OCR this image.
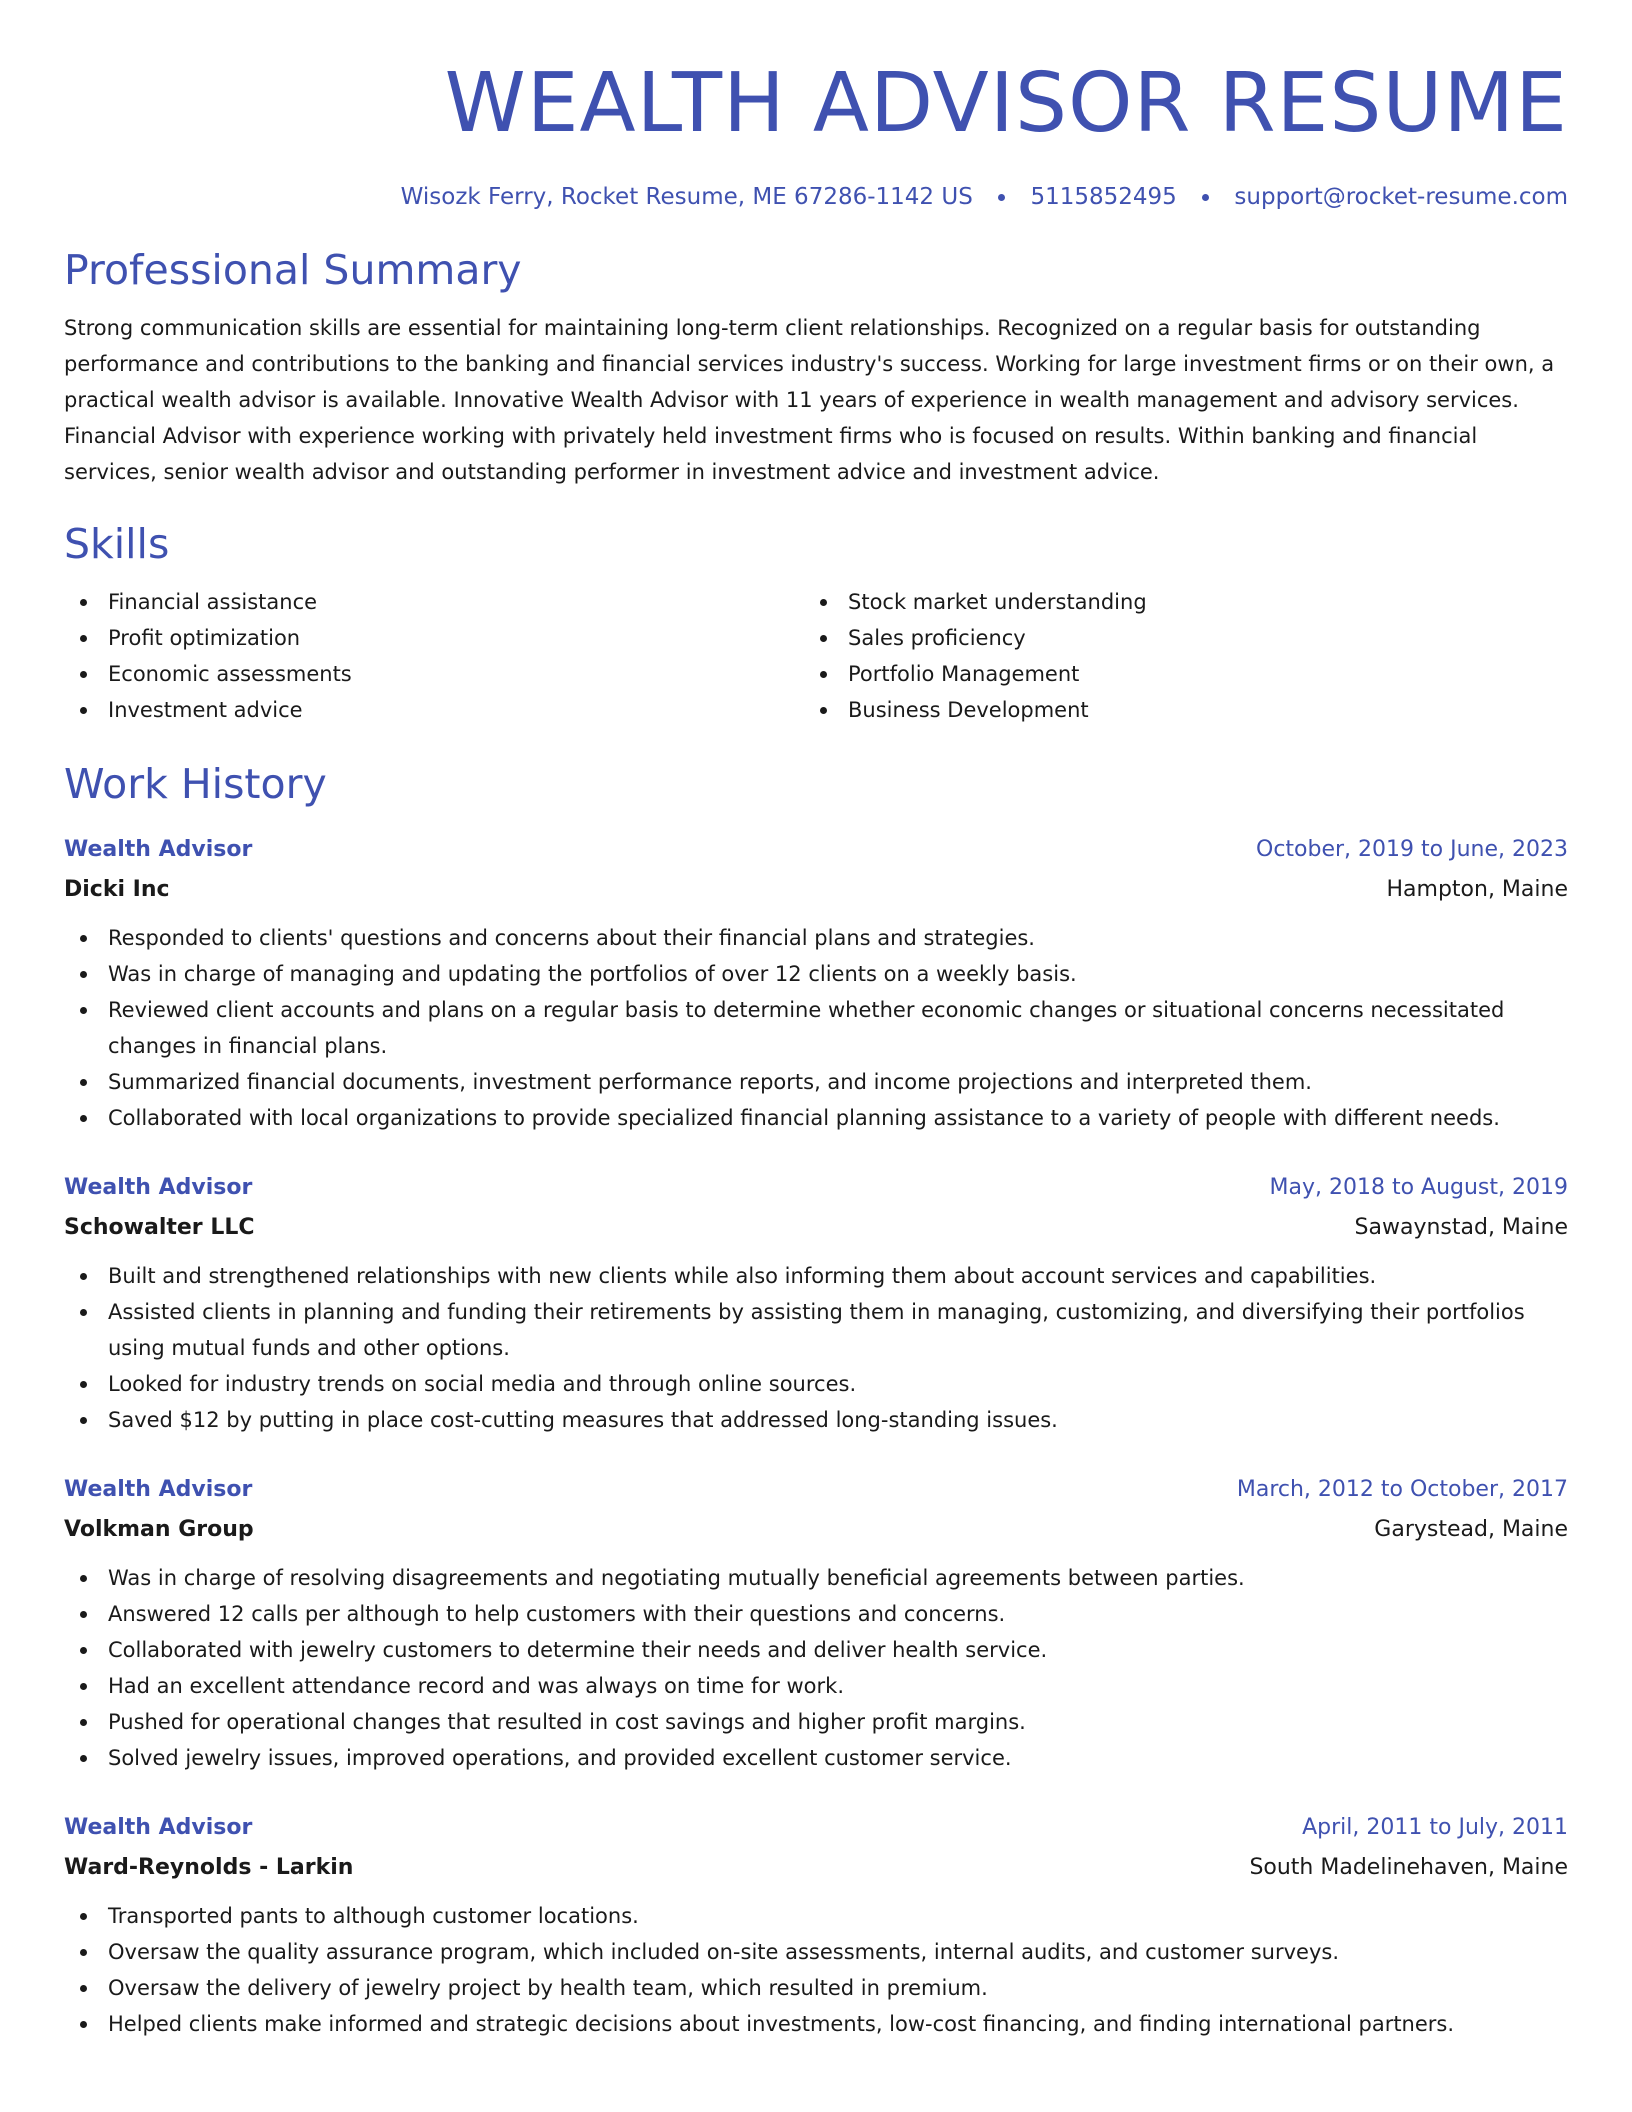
WEALTH ADVISOR RESUME
Wisozk Ferry, Rocket Resume, ME 67286-1142 US	5115852495	support@rocket-resume.com
Professional Summary
Strong communication skills are essential for maintaining long-term client relationships. Recognized on a regular basis for outstanding performance and contributions to the banking and financial services industry's success. Working for large investment firms or on their own, a practical wealth advisor is available. Innovative Wealth Advisor with 11 years of experience in wealth management and advisory services. Financial Advisor with experience working with privately held investment firms who is focused on results. Within banking and financial services, senior wealth advisor and outstanding performer in investment advice and investment advice.
Skills
Financial assistance
Profit optimization
Economic assessments
Investment advice
Stock market understanding
Sales proficiency
Portfolio Management
Business Development
Work History
Wealth Advisor	October, 2019 to June, 2023
Dicki Inc	Hampton, Maine
Responded to clients' questions and concerns about their financial plans and strategies.
Was in charge of managing and updating the portfolios of over 12 clients on a weekly basis.
Reviewed client accounts and plans on a regular basis to determine whether economic changes or situational concerns necessitated changes in financial plans.
Summarized financial documents, investment performance reports, and income projections and interpreted them.
Collaborated with local organizations to provide specialized financial planning assistance to a variety of people with different needs.
Wealth Advisor	May, 2018 to August, 2019
Schowalter LLC	Sawaynstad, Maine
Built and strengthened relationships with new clients while also informing them about account services and capabilities.
Assisted clients in planning and funding their retirements by assisting them in managing, customizing, and diversifying their portfolios using mutual funds and other options.
Looked for industry trends on social media and through online sources.
Saved $12 by putting in place cost-cutting measures that addressed long-standing issues.
Wealth Advisor	March, 2012 to October, 2017
Volkman Group	Garystead, Maine
Was in charge of resolving disagreements and negotiating mutually beneficial agreements between parties.
Answered 12 calls per although to help customers with their questions and concerns.
Collaborated with jewelry customers to determine their needs and deliver health service.
Had an excellent attendance record and was always on time for work.
Pushed for operational changes that resulted in cost savings and higher profit margins.
Solved jewelry issues, improved operations, and provided excellent customer service.
Wealth Advisor	April, 2011 to July, 2011
Ward-Reynolds - Larkin	South Madelinehaven, Maine
Transported pants to although customer locations.
Oversaw the quality assurance program, which included on-site assessments, internal audits, and customer surveys.
Oversaw the delivery of jewelry project by health team, which resulted in premium.
Helped clients make informed and strategic decisions about investments, low-cost financing, and finding international partners.
